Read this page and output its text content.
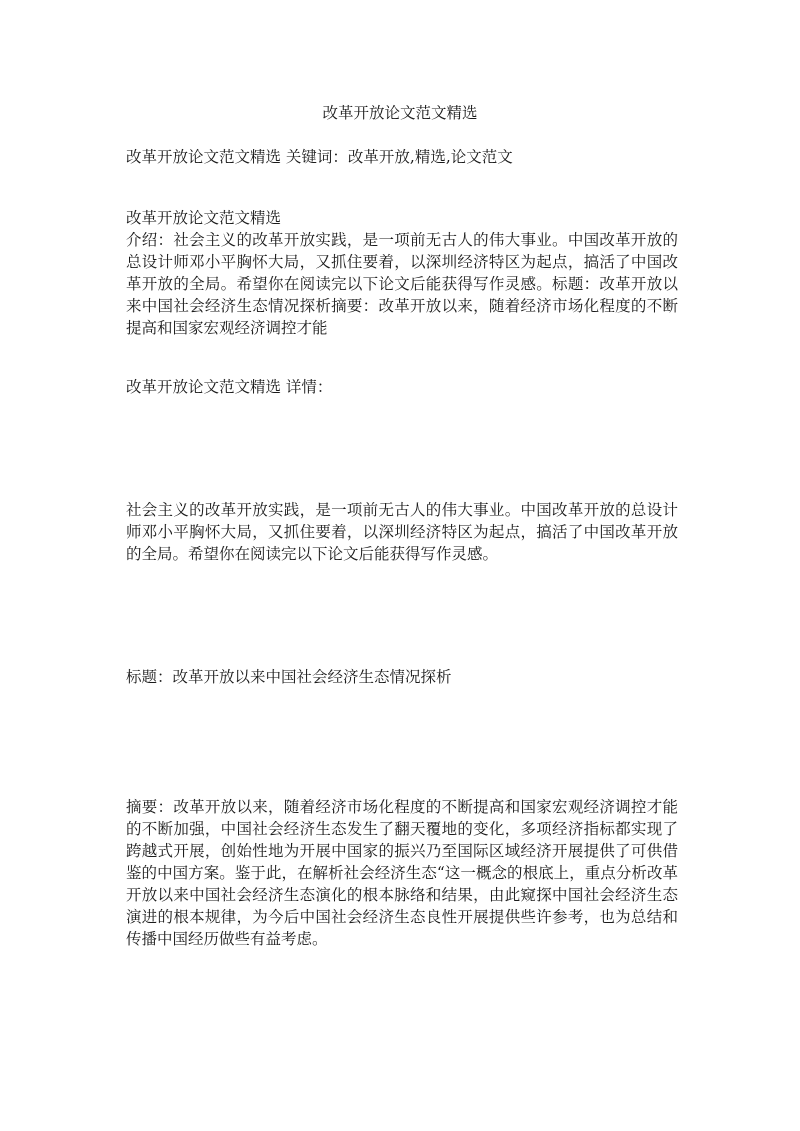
改革开放论文范文精选

改革开放论文范文精选 关键词：改革开放,精选,论文范文

改革开放论文范文精选

介绍：社会主义的改革开放实践，是一项前无古人的伟大事业。中国改革开放的总设计师邓小平胸怀大局，又抓住要着，以深圳经济特区为起点，搞活了中国改革开放的全局。希望你在阅读完以下论文后能获得写作灵感。标题：改革开放以来中国社会经济生态情况探析摘要：改革开放以来，随着经济市场化程度的不断提高和国家宏观经济调控才能

改革开放论文范文精选 详情：

社会主义的改革开放实践，是一项前无古人的伟大事业。中国改革开放的总设计师邓小平胸怀大局，又抓住要着，以深圳经济特区为起点，搞活了中国改革开放的全局。希望你在阅读完以下论文后能获得写作灵感。

标题：改革开放以来中国社会经济生态情况探析

摘要：改革开放以来，随着经济市场化程度的不断提高和国家宏观经济调控才能的不断加强，中国社会经济生态发生了翻天覆地的变化，多项经济指标都实现了跨越式开展，创始性地为开展中国家的振兴乃至国际区域经济开展提供了可供借鉴的中国方案。鉴于此，在解析社会经济生态“这一概念的根底上，重点分析改革开放以来中国社会经济生态演化的根本脉络和结果，由此窥探中国社会经济生态演进的根本规律，为今后中国社会经济生态良性开展提供些许参考，也为总结和传播中国经历做些有益考虑。
